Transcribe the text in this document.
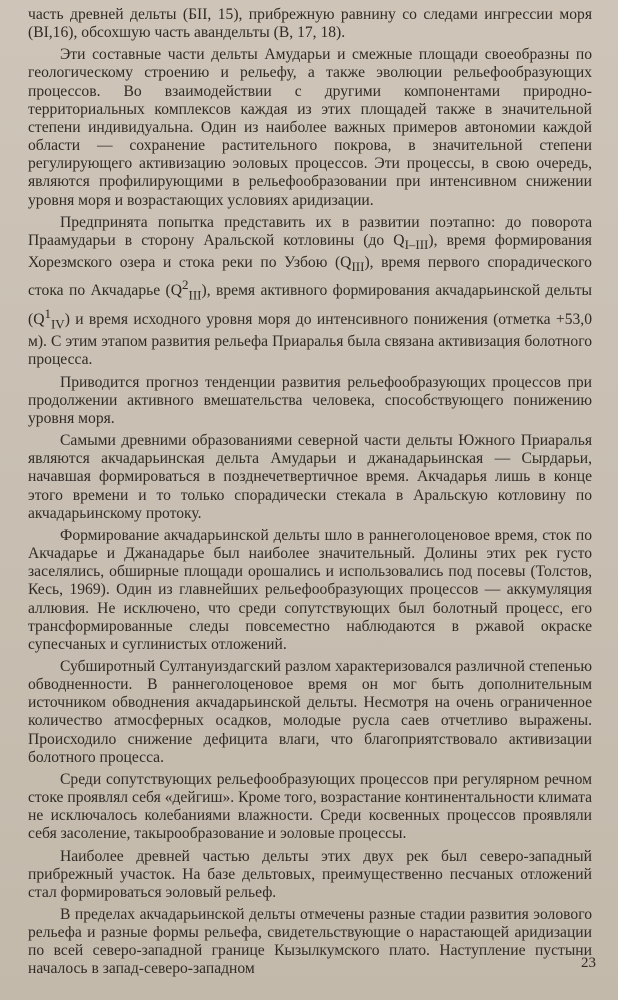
часть древней дельты (БII, 15), прибрежную равнину со следами ингрессии моря (ВI,16), обсохшую часть авандельты (В, 17, 18).

Эти составные части дельты Амударьи и смежные площади своеобразны по геологическому строению и рельефу, а также эволюции рельефообразующих процессов. Во взаимодействии с другими компонентами природно-территориальных комплексов каждая из этих площадей также в значительной степени индивидуальна. Один из наиболее важных примеров автономии каждой области — сохранение растительного покрова, в значительной степени регулирующего активизацию эоловых процессов. Эти процессы, в свою очередь, являются профилирующими в рельефообразовании при интенсивном снижении уровня моря и возрастающих условиях аридизации.

Предпринята попытка представить их в развитии поэтапно: до поворота Праамударьи в сторону Аральской котловины (до $Q_{I-III}$), время формирования Хорезмского озера и стока реки по Узбою $(Q_{III})$, время первого спорадического стока по Акчадарье $(Q^2_{III})$, время активного формирования акчадарьинской дельты $(Q^1_{IV})$ и время исходного уровня моря до интенсивного понижения (отметка +53,0 м). С этим этапом развития рельефа Приаралья была связана активизация болотного процесса.

Приводится прогноз тенденции развития рельефообразующих процессов при продолжении активного вмешательства человека, способствующего понижению уровня моря.

Самыми древними образованиями северной части дельты Южного Приаралья являются акчадарьинская дельта Амударьи и джанадарьинская — Сырдарьи, начавшая формироваться в позднечетвертичное время. Акчадарья лишь в конце этого времени и то только спорадически стекала в Аральскую котловину по акчадарьинскому протоку.

Формирование акчадарьинской дельты шло в раннеголоценовое время, сток по Акчадарье и Джанадарье был наиболее значительный. Долины этих рек густо заселялись, обширные площади орошались и использовались под посевы (Толстов, Кесь, 1969). Один из главнейших рельефообразующих процессов — аккумуляция аллювия. Не исключено, что среди сопутствующих был болотный процесс, его трансформированные следы повсеместно наблюдаются в ржавой окраске супесчаных и суглинистых отложений.

Субширотный Султануиздагский разлом характеризовался различной степенью обводненности. В раннеголоценовое время он мог быть дополнительным источником обводнения акчадарьинской дельты. Несмотря на очень ограниченное количество атмосферных осадков, молодые русла саев отчетливо выражены. Происходило снижение дефицита влаги, что благоприятствовало активизации болотного процесса.

Среди сопутствующих рельефообразующих процессов при регулярном речном стоке проявлял себя «дейгиш». Кроме того, возрастание континентальности климата не исключалось колебаниями влажности. Среди косвенных процессов проявляли себя засоление, такырообразование и эоловые процессы.

Наиболее древней частью дельты этих двух рек был северо-западный прибрежный участок. На базе дельтовых, преимущественно песчаных отложений стал формироваться эоловый рельеф.

В пределах акчадарьинской дельты отмечены разные стадии развития эолового рельефа и разные формы рельефа, свидетельствующие о нарастающей аридизации по всей северо-западной границе Кызылкумского плато. Наступление пустыни началось в запад-северо-западном	23
